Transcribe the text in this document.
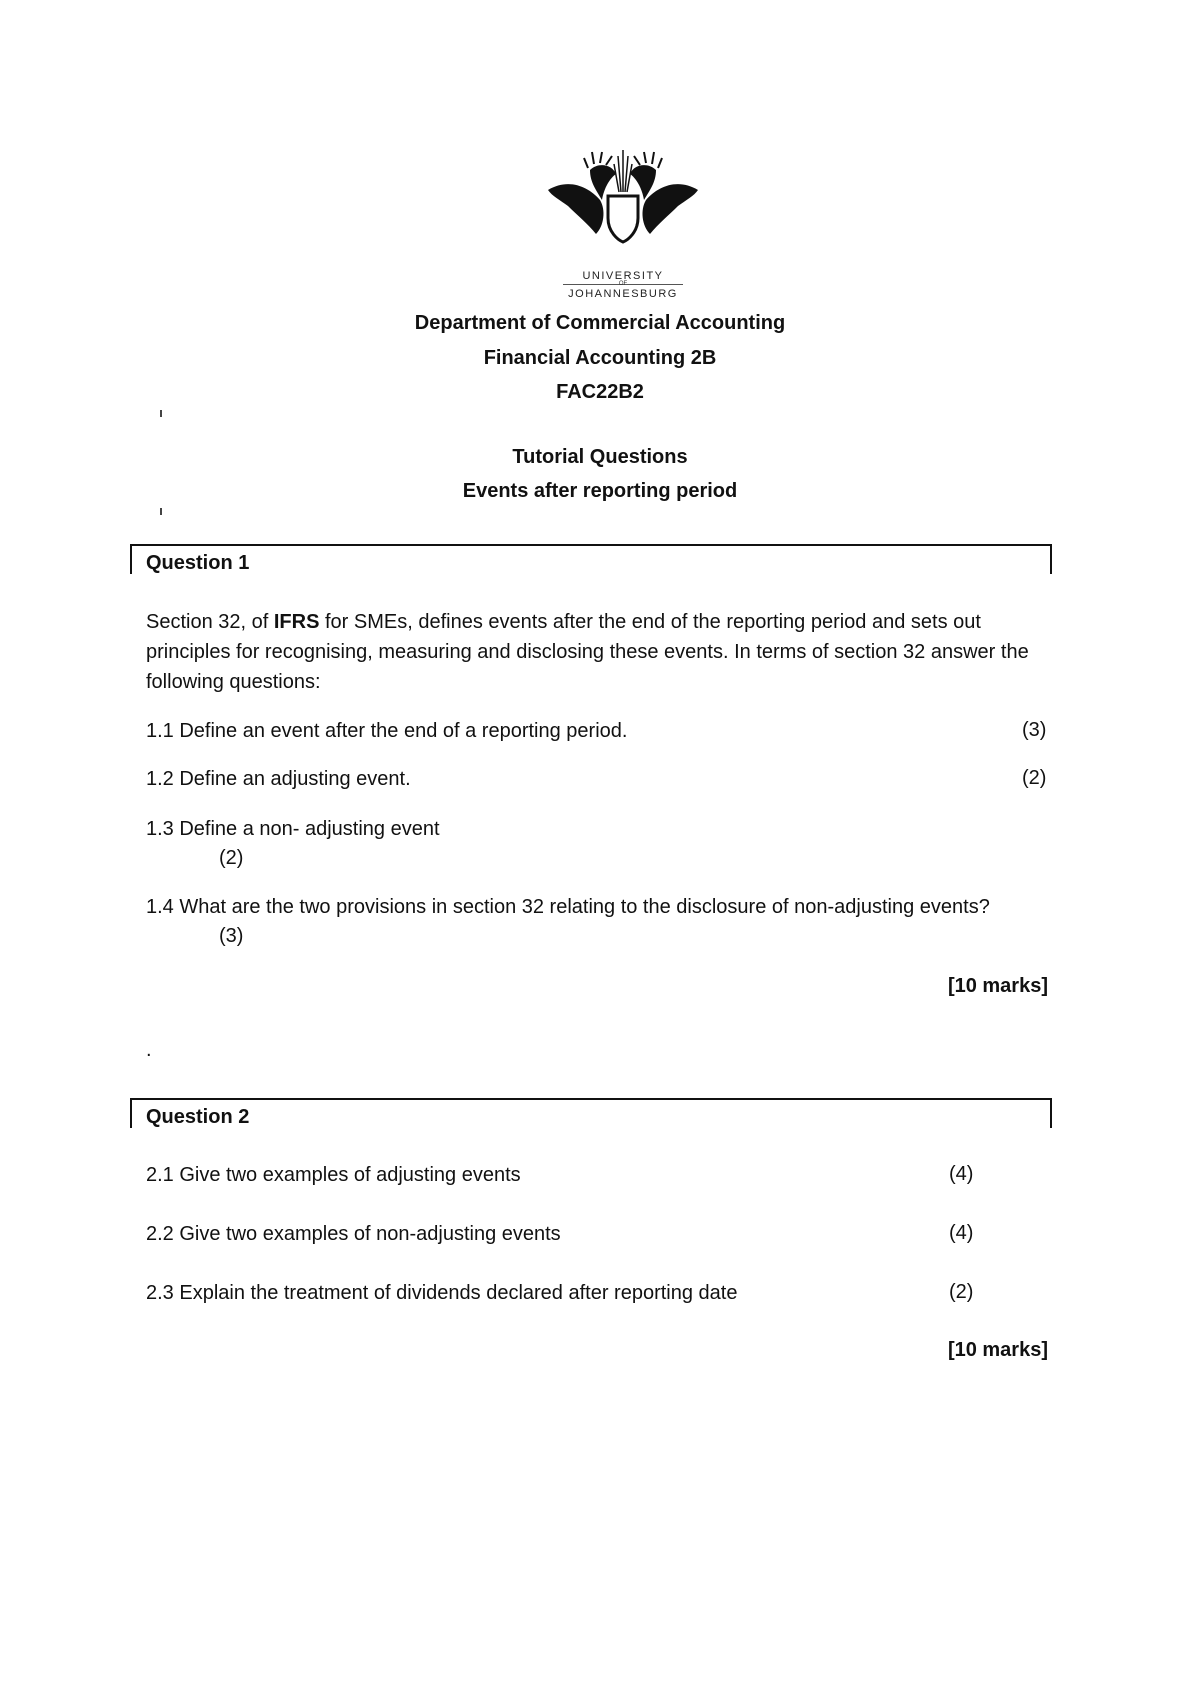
UNIVERSITY
OF
JOHANNESBURG
Department of Commercial Accounting
Financial Accounting 2B
FAC22B2
Tutorial Questions
Events after reporting period
Question 1
Section 32, of IFRS for SMEs, defines events after the end of the reporting period and sets out
principles for recognising, measuring and disclosing these events. In terms of section 32 answer the
following questions:
1.1 Define an event after the end of a reporting period.	(3)
1.2 Define an adjusting event.	(2)
1.3 Define a non- adjusting event
(2)
1.4 What are the two provisions in section 32 relating to the disclosure of non-adjusting events?
(3)
[10 marks]
.
Question 2
2.1 Give two examples of adjusting events	(4)
2.2 Give two examples of non-adjusting events	(4)
2.3 Explain the treatment of dividends declared after reporting date	(2)
[10 marks]
